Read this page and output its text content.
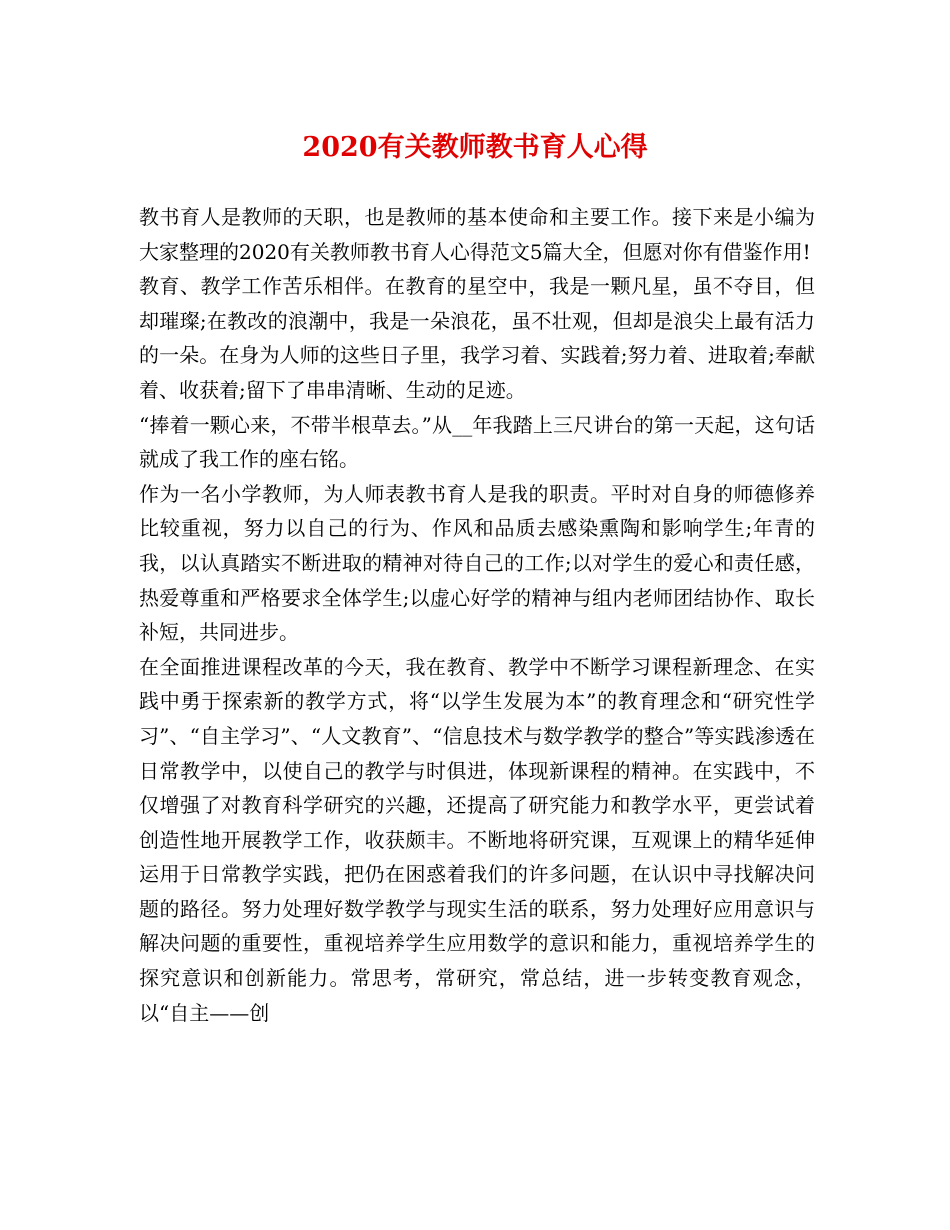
2020有关教师教书育人心得

教书育人是教师的天职，也是教师的基本使命和主要工作。接下来是小编为大家整理的2020有关教师教书育人心得范文5篇大全，但愿对你有借鉴作用!

教育、教学工作苦乐相伴。在教育的星空中，我是一颗凡星，虽不夺目，但却璀璨;在教改的浪潮中，我是一朵浪花，虽不壮观，但却是浪尖上最有活力的一朵。在身为人师的这些日子里，我学习着、实践着;努力着、进取着;奉献着、收获着;留下了串串清晰、生动的足迹。

“捧着一颗心来，不带半根草去。”从__年我踏上三尺讲台的第一天起，这句话就成了我工作的座右铭。

作为一名小学教师，为人师表教书育人是我的职责。平时对自身的师德修养比较重视，努力以自己的行为、作风和品质去感染熏陶和影响学生;年青的我，以认真踏实不断进取的精神对待自己的工作;以对学生的爱心和责任感，热爱尊重和严格要求全体学生;以虚心好学的精神与组内老师团结协作、取长补短，共同进步。

在全面推进课程改革的今天，我在教育、教学中不断学习课程新理念、在实践中勇于探索新的教学方式，将“以学生发展为本”的教育理念和“研究性学习”、“自主学习”、“人文教育”、“信息技术与数学教学的整合”等实践渗透在日常教学中，以使自己的教学与时俱进，体现新课程的精神。在实践中，不仅增强了对教育科学研究的兴趣，还提高了研究能力和教学水平，更尝试着创造性地开展教学工作，收获颇丰。不断地将研究课，互观课上的精华延伸运用于日常教学实践，把仍在困惑着我们的许多问题，在认识中寻找解决问题的路径。努力处理好数学教学与现实生活的联系，努力处理好应用意识与解决问题的重要性，重视培养学生应用数学的意识和能力，重视培养学生的探究意识和创新能力。常思考，常研究，常总结，进一步转变教育观念，以“自主——创
